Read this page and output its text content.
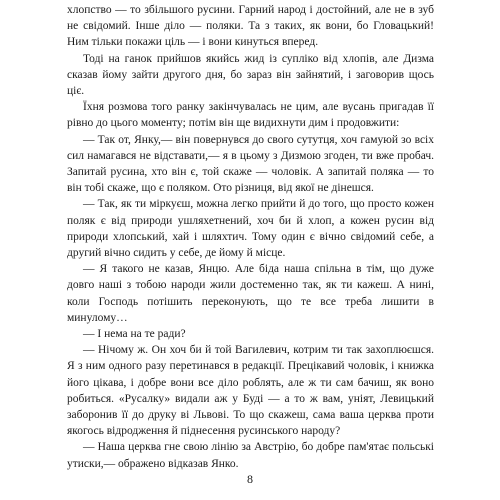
хлопство — то збільшого русини. Гарний народ і достойний, але не в зуб не свідомий. Інше діло — поляки. Та з таких, як вони, бо Гловацький! Ним тільки покажи ціль — і вони кинуться вперед.

Тоді на ганок прийшов якийсь жид із супліко від хлопів, але Дизма сказав йому зайти другого дня, бо зараз він зайнятий, і заговорив щось ціє.

Їхня розмова того ранку закінчувалась не цим, але вусань пригадав її рівно до цього моменту; потім він ще видихнути дим і продовжити:

— Так от, Янку,— він повернувся до свого сутутця, хоч гамуюй зо всіх сил намагався не відставати,— я в цьому з Дизмою згоден, ти вже пробач. Запитай русина, хто він є, той скаже — чоловік. А запитай поляка — то він тобі скаже, що є поляком. Ото різниця, від якої не дінешся.

— Так, як ти міркуєш, можна легко прийти й до того, що просто кожен поляк є від природи ушляхетнений, хоч би й хлоп, а кожен русин від природи хлопський, хай і шляхтич. Тому один є вічно свідомий себе, а другий вічно сидить у себе, де йому й місце.

— Я такого не казав, Янцю. Але біда наша спільна в тім, що дуже довго наші з тобою народи жили достеменно так, як ти кажеш. А нині, коли Господь потішить переконують, що те все треба лишити в минулому…

— І нема на те ради?

— Нічому ж. Он хоч би й той Вагилевич, котрим ти так захоплюєшся. Я з ним одного разу перетинався в редакції. Прецікавий чоловік, і книжка його цікава, і добре вони все діло роблять, але ж ти сам бачиш, як воно робиться. «Русалку» видали аж у Буді — а то ж вам, уніят, Левицький заборонив її до друку ві Львові. То що скажеш, сама ваша церква проти якогось відродження й піднесення русинського народу?

— Наша церква гне свою лінію за Австрію, бо добре пам'ятає польські утиски,— ображено відказав Янко.

8
